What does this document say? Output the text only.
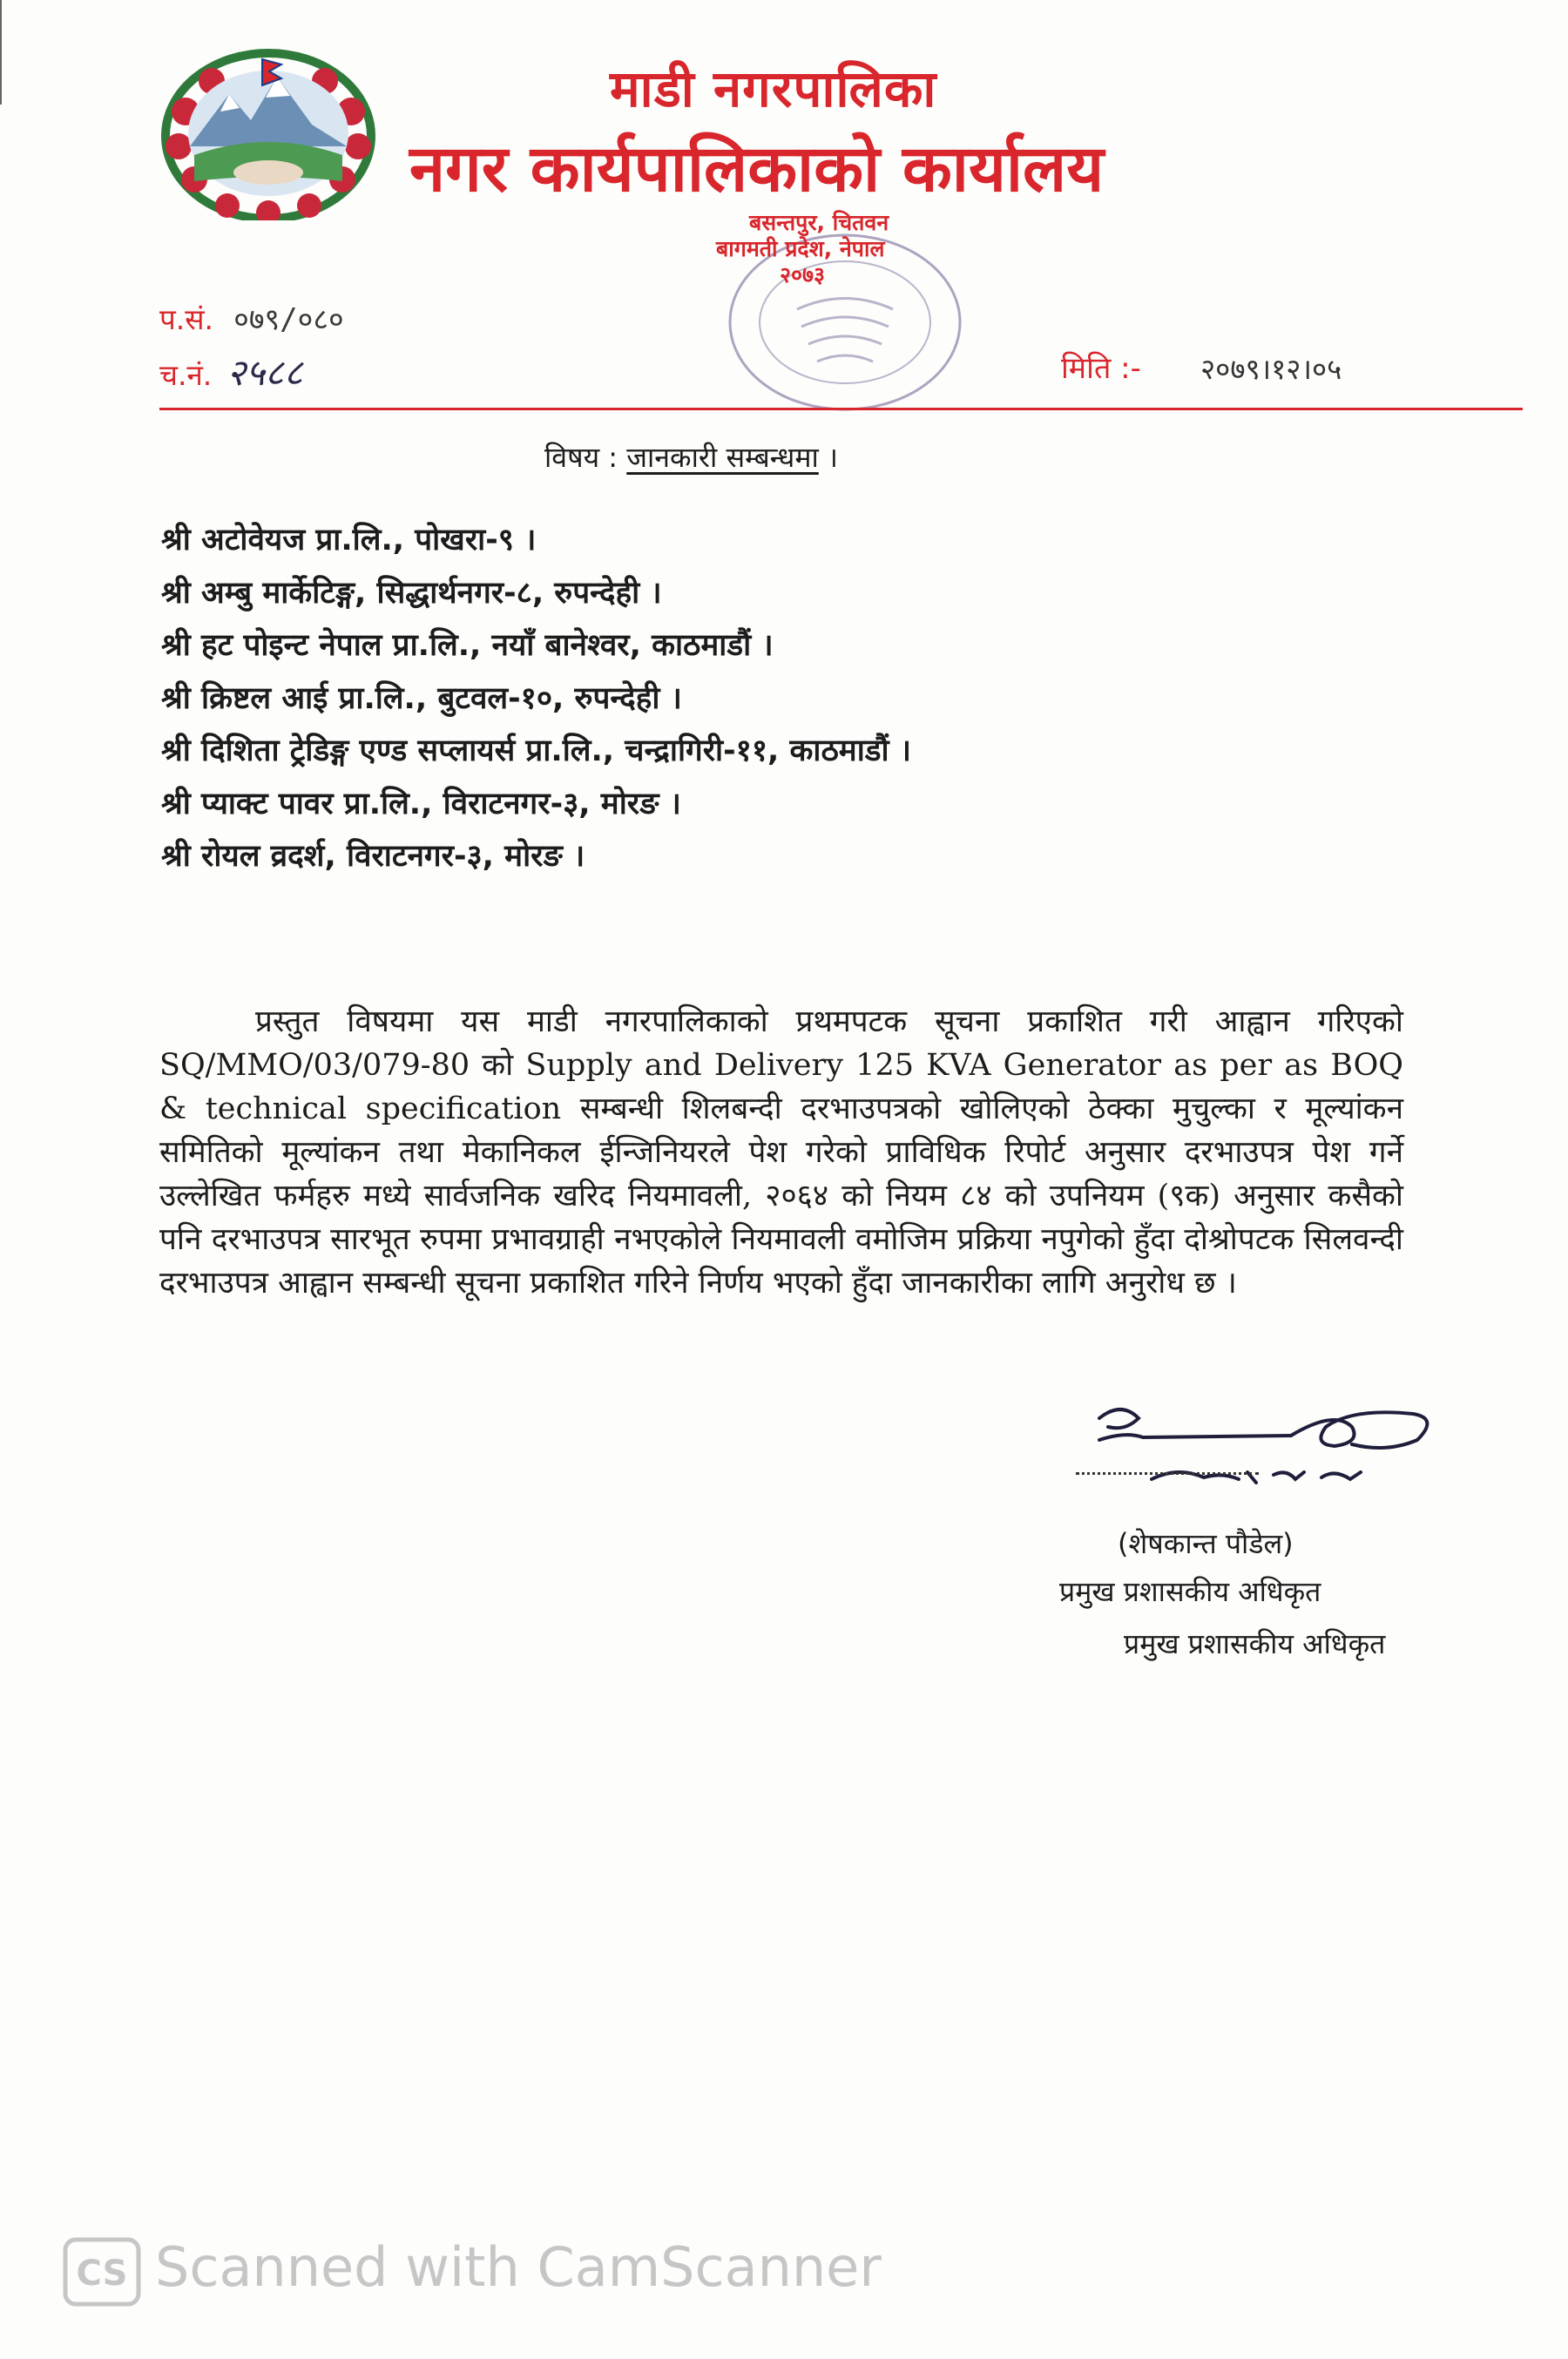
माडी नगरपालिका
नगर कार्यपालिकाको कार्यालय
बसन्तपुर, चितवन
बागमती प्रदेश, नेपाल
२०७३
प.सं. ०७९/०८०
च.नं. २५८८	मिति :- २०७९।१२।०५
विषय : जानकारी सम्बन्धमा ।
श्री अटोवेयज प्रा.लि., पोखरा-९ ।
श्री अम्बु मार्केटिङ्ग, सिद्धार्थनगर-८, रुपन्देही ।
श्री हट पोइन्ट नेपाल प्रा.लि., नयाँ बानेश्वर, काठमाडौं ।
श्री क्रिष्टल आई प्रा.लि., बुटवल-१०, रुपन्देही ।
श्री दिशिता ट्रेडिङ्ग एण्ड सप्लायर्स प्रा.लि., चन्द्रागिरी-११, काठमाडौं ।
श्री प्याक्ट पावर प्रा.लि., विराटनगर-३, मोरङ ।
श्री रोयल व्रदर्श, विराटनगर-३, मोरङ ।

प्रस्तुत विषयमा यस माडी नगरपालिकाको प्रथमपटक सूचना प्रकाशित गरी आह्वान गरिएको SQ/MMO/03/079-80 को Supply and Delivery 125 KVA Generator as per as BOQ & technical specification सम्बन्धी शिलबन्दी दरभाउपत्रको खोलिएको ठेक्का मुचुल्का र मूल्यांकन समितिको मूल्यांकन तथा मेकानिकल ईन्जिनियरले पेश गरेको प्राविधिक रिपोर्ट अनुसार दरभाउपत्र पेश गर्ने उल्लेखित फर्महरु मध्ये सार्वजनिक खरिद नियमावली, २०६४ को नियम ८४ को उपनियम (९क) अनुसार कसैको पनि दरभाउपत्र सारभूत रुपमा प्रभावग्राही नभएकोले नियमावली वमोजिम प्रक्रिया नपुगेको हुँदा दोश्रोपटक सिलवन्दी दरभाउपत्र आह्वान सम्बन्धी सूचना प्रकाशित गरिने निर्णय भएको हुँदा जानकारीका लागि अनुरोध छ ।

(शेषकान्त पौडेल)
प्रमुख प्रशासकीय अधिकृत
प्रमुख प्रशासकीय अधिकृत
CS Scanned with CamScanner
